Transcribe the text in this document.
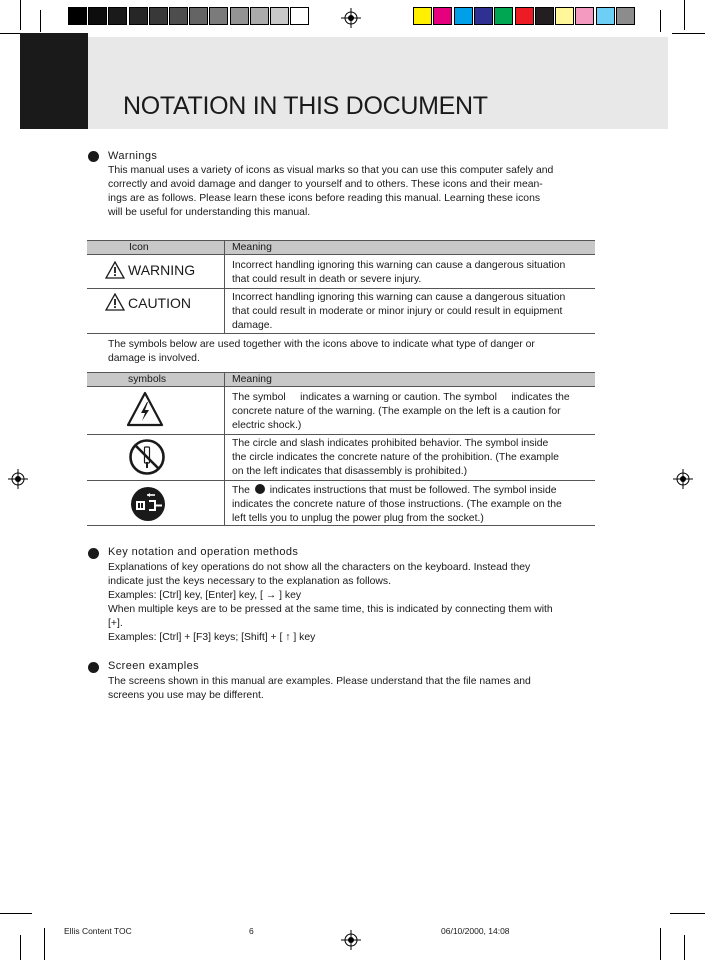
NOTATION IN THIS DOCUMENT
Warnings
This manual uses a variety of icons as visual marks so that you can use this computer safely and
correctly and avoid damage and danger to yourself and to others. These icons and their mean-
ings are as follows. Please learn these icons before reading this manual. Learning these icons
will be useful for understanding this manual.
Icon	Meaning
WARNING	Incorrect handling ignoring this warning can cause a dangerous situation
that could result in death or severe injury.
CAUTION	Incorrect handling ignoring this warning can cause a dangerous situation
that could result in moderate or minor injury or could result in equipment
damage.
The symbols below are used together with the icons above to indicate what type of danger or
damage is involved.
symbols	Meaning
The symbol     indicates a warning or caution. The symbol     indicates the
concrete nature of the warning. (The example on the left is a caution for
electric shock.)
The circle and slash indicates prohibited behavior. The symbol inside
the circle indicates the concrete nature of the prohibition. (The example
on the left indicates that disassembly is prohibited.)
The indicates instructions that must be followed. The symbol inside
indicates the concrete nature of those instructions. (The example on the
left tells you to unplug the power plug from the socket.)
Key notation and operation methods
Explanations of key operations do not show all the characters on the keyboard. Instead they
indicate just the keys necessary to the explanation as follows.
Examples: [Ctrl] key, [Enter] key, [ → ] key
When multiple keys are to be pressed at the same time, this is indicated by connecting them with
[+].
Examples: [Ctrl] + [F3] keys; [Shift] + [ ↑ ] key
Screen examples
The screens shown in this manual are examples. Please understand that the file names and
screens you use may be different.
Ellis Content TOC	6	06/10/2000, 14:08
